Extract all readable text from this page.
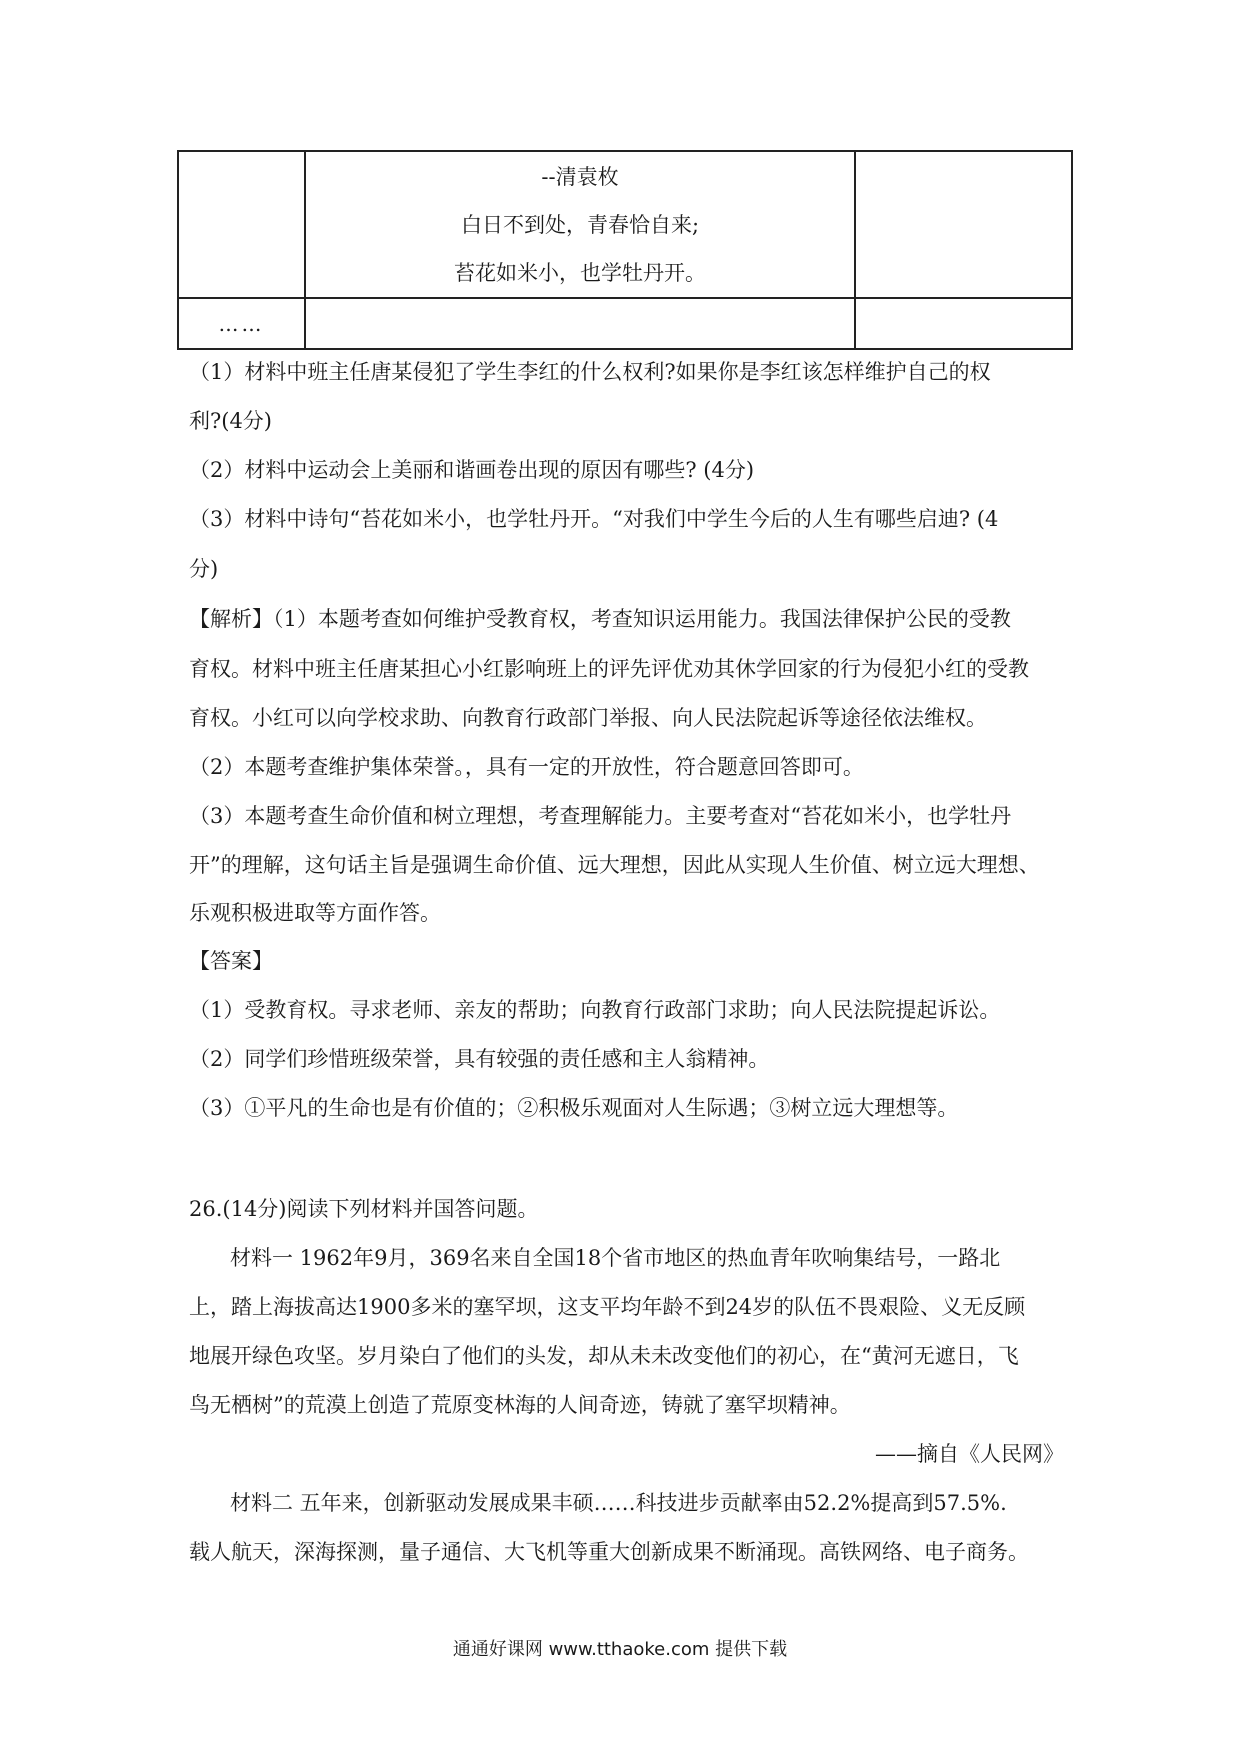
	--清袁枚
白日不到处，青春恰自来;
苔花如米小，也学牡丹开。	

……		
（1）材料中班主任唐某侵犯了学生李红的什么权利?如果你是李红该怎样维护自己的权
利?(4分)
（2）材料中运动会上美丽和谐画卷出现的原因有哪些? (4分)
（3）材料中诗句“苔花如米小，也学牡丹开。“对我们中学生今后的人生有哪些启迪? (4
分)
【解析】（1）本题考查如何维护受教育权，考查知识运用能力。我国法律保护公民的受教
育权。材料中班主任唐某担心小红影响班上的评先评优劝其休学回家的行为侵犯小红的受教
育权。小红可以向学校求助、向教育行政部门举报、向人民法院起诉等途径依法维权。
（2）本题考查维护集体荣誉。，具有一定的开放性，符合题意回答即可。
（3）本题考查生命价值和树立理想，考查理解能力。主要考查对“苔花如米小，也学牡丹
开”的理解，这句话主旨是强调生命价值、远大理想，因此从实现人生价值、树立远大理想、
乐观积极进取等方面作答。
【答案】
（1）受教育权。寻求老师、亲友的帮助；向教育行政部门求助；向人民法院提起诉讼。
（2）同学们珍惜班级荣誉，具有较强的责任感和主人翁精神。
（3）①平凡的生命也是有价值的；②积极乐观面对人生际遇；③树立远大理想等。
26.(14分)阅读下列材料并国答问题。
材料一 1962年9月，369名来自全国18个省市地区的热血青年吹响集结号，一路北
上，踏上海拔高达1900多米的塞罕坝，这支平均年龄不到24岁的队伍不畏艰险、义无反顾
地展开绿色攻坚。岁月染白了他们的头发，却从未未改变他们的初心，在“黄河无遮日，飞
鸟无栖树”的荒漠上创造了荒原变林海的人间奇迹，铸就了塞罕坝精神。
——摘自《人民网》
材料二 五年来，创新驱动发展成果丰硕……科技进步贡献率由52.2%提高到57.5%.
载人航天，深海探测，量子通信、大飞机等重大创新成果不断涌现。高铁网络、电子商务。
通通好课网 www.tthaoke.com 提供下载
